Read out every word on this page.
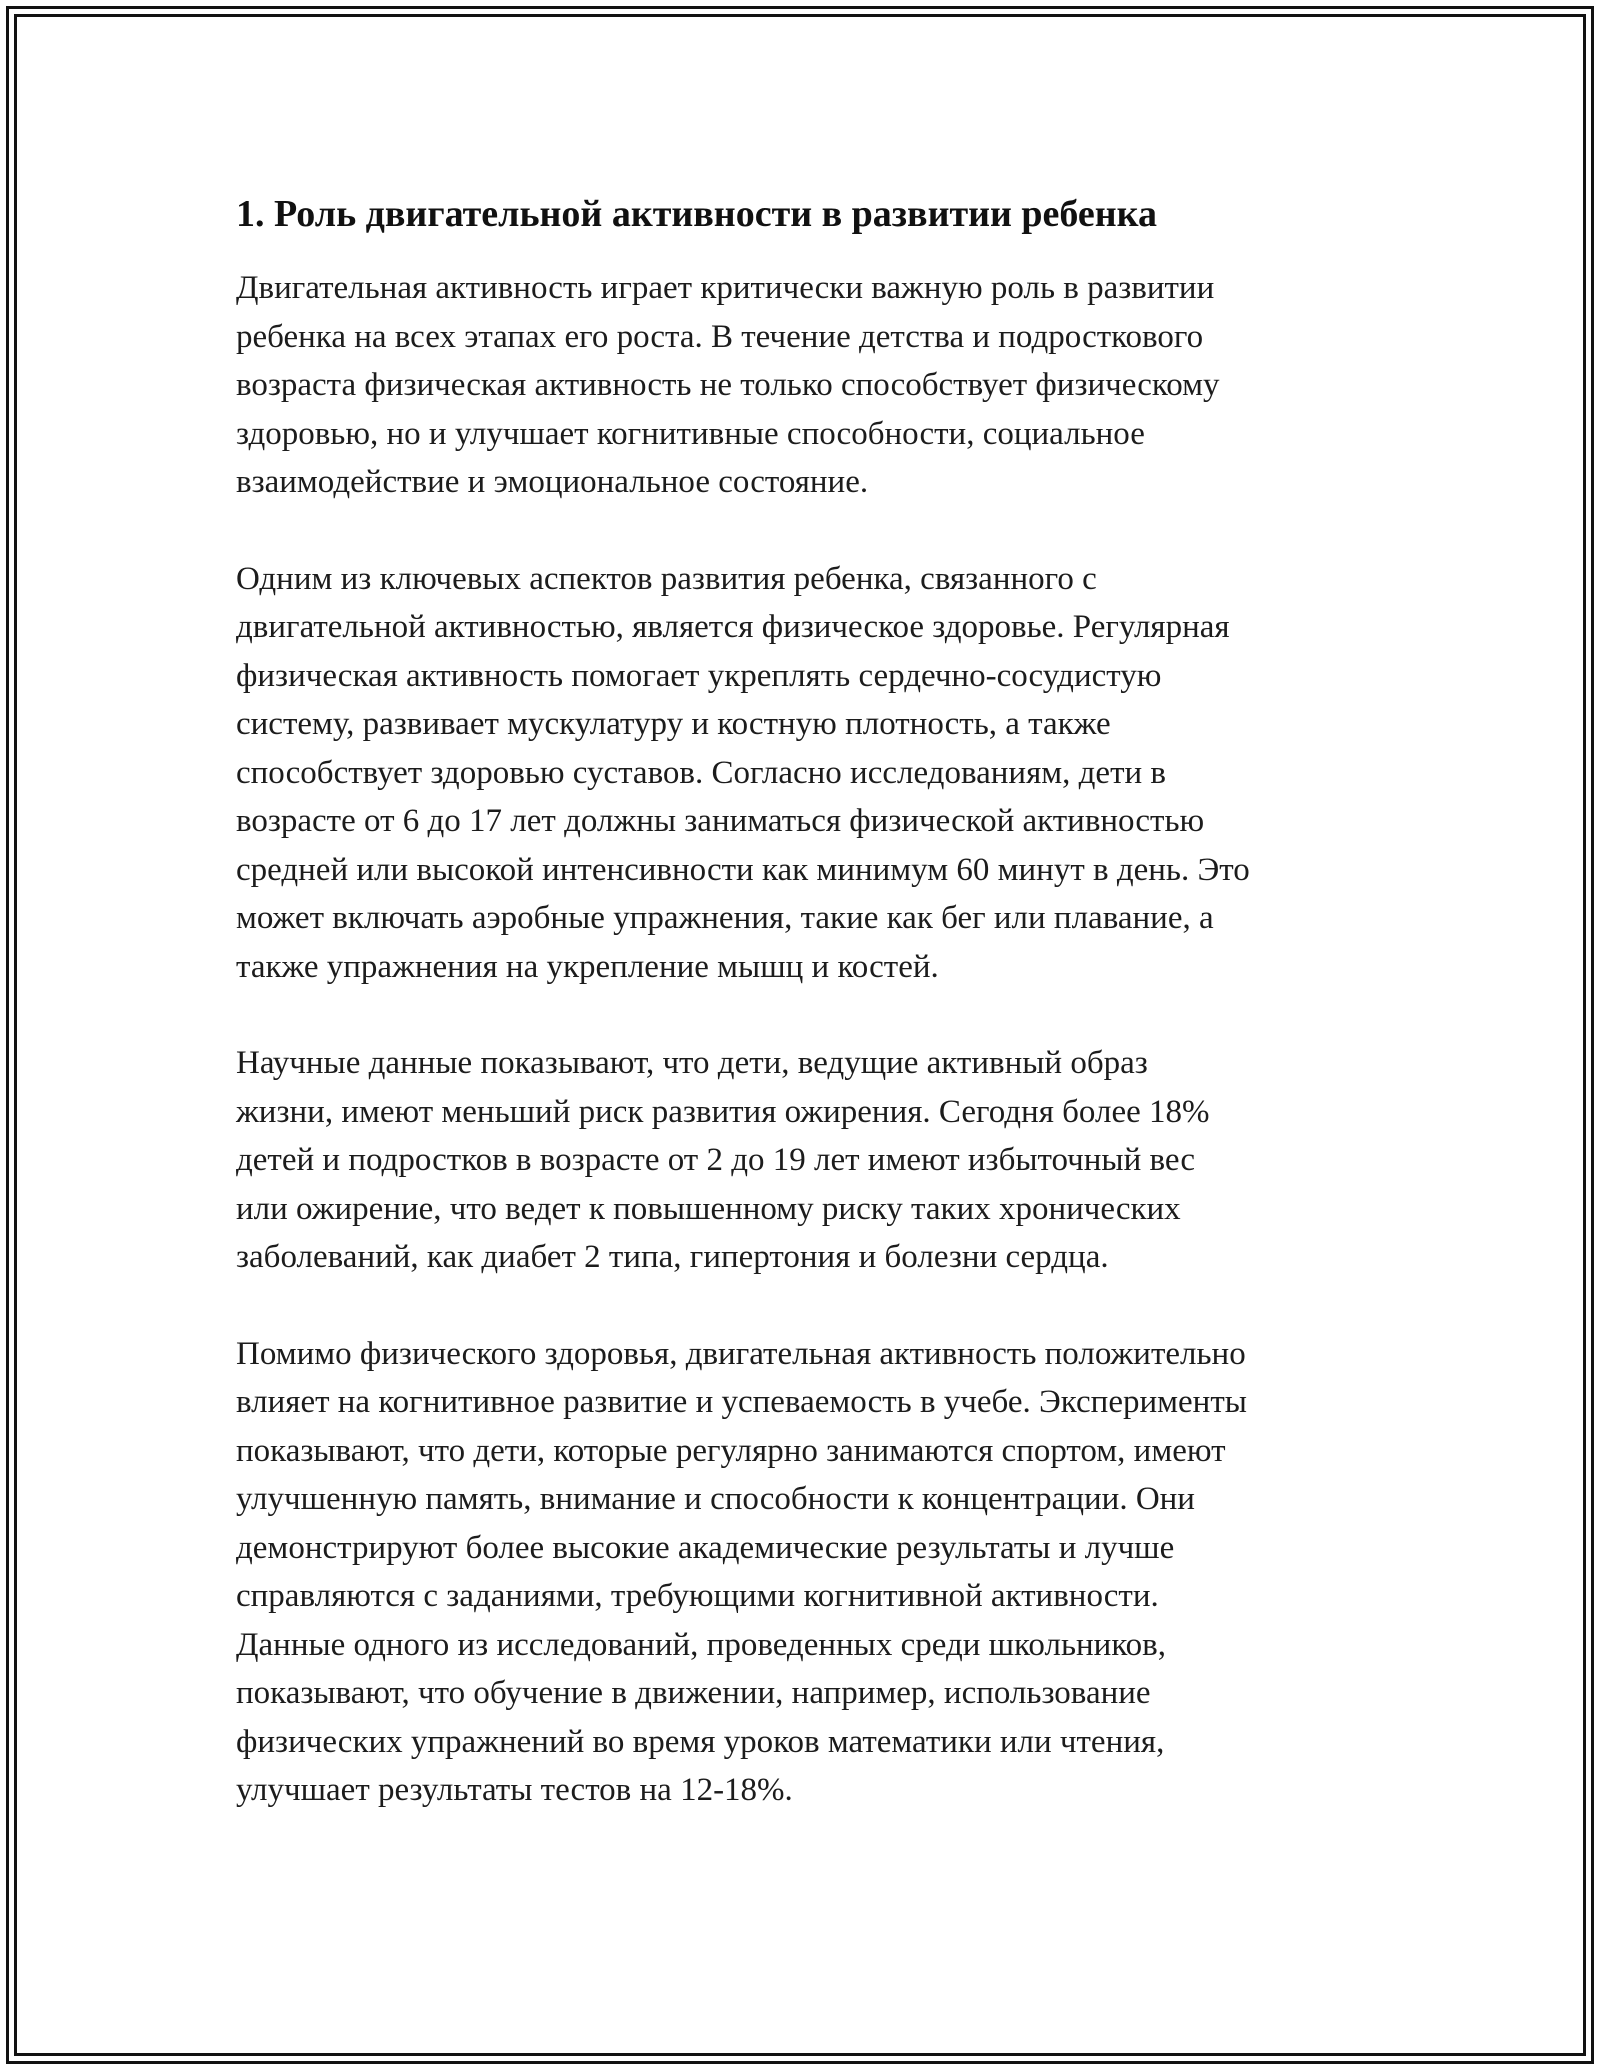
1. Роль двигательной активности в развитии ребенка

Двигательная активность играет критически важную роль в развитии
ребенка на всех этапах его роста. В течение детства и подросткового
возраста физическая активность не только способствует физическому
здоровью, но и улучшает когнитивные способности, социальное
взаимодействие и эмоциональное состояние.

Одним из ключевых аспектов развития ребенка, связанного с
двигательной активностью, является физическое здоровье. Регулярная
физическая активность помогает укреплять сердечно-сосудистую
систему, развивает мускулатуру и костную плотность, а также
способствует здоровью суставов. Согласно исследованиям, дети в
возрасте от 6 до 17 лет должны заниматься физической активностью
средней или высокой интенсивности как минимум 60 минут в день. Это
может включать аэробные упражнения, такие как бег или плавание, а
также упражнения на укрепление мышц и костей.

Научные данные показывают, что дети, ведущие активный образ
жизни, имеют меньший риск развития ожирения. Сегодня более 18%
детей и подростков в возрасте от 2 до 19 лет имеют избыточный вес
или ожирение, что ведет к повышенному риску таких хронических
заболеваний, как диабет 2 типа, гипертония и болезни сердца.

Помимо физического здоровья, двигательная активность положительно
влияет на когнитивное развитие и успеваемость в учебе. Эксперименты
показывают, что дети, которые регулярно занимаются спортом, имеют
улучшенную память, внимание и способности к концентрации. Они
демонстрируют более высокие академические результаты и лучше
справляются с заданиями, требующими когнитивной активности.
Данные одного из исследований, проведенных среди школьников,
показывают, что обучение в движении, например, использование
физических упражнений во время уроков математики или чтения,
улучшает результаты тестов на 12-18%.
